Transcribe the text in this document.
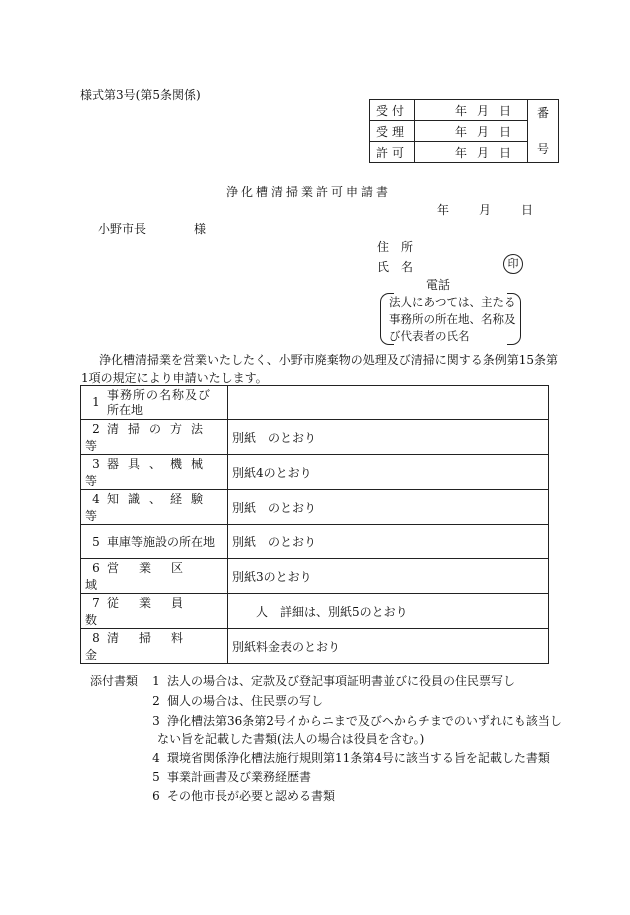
様式第3号(第5条関係)
受付	年月日	番
号

受理	年月日	
許可	年月日	
浄化槽清掃業許可申請書
年　　月　　日
小野市長　　　　様
住　所
氏　名	印
電話
法人にあつては、主たる
事務所の所在地、名称及
び代表者の氏名
浄化槽清掃業を営業いたしたく、小野市廃棄物の処理及び清掃に関する条例第15条第
1項の規定により申請いたします。
1事務所の名称及び
所在地	
2 清掃の方法等	別紙　のとおり
3 器具、機械等	別紙4のとおり
4 知識、経験等	別紙　のとおり
5 車庫等施設の所在地	別紙　のとおり
6 営業区域	別紙3のとおり
7 従業員数	　　人　詳細は、別紙5のとおり
8 清掃料金	別紙料金表のとおり
添付書類	1 法人の場合は、定款及び登記事項証明書並びに役員の住民票写し
2 個人の場合は、住民票の写し
3 浄化槽法第36条第2号イからニまで及びヘからチまでのいずれにも該当し
ない旨を記載した書類(法人の場合は役員を含む。)
4 環境省関係浄化槽法施行規則第11条第4号に該当する旨を記載した書類
5 事業計画書及び業務経歴書
6 その他市長が必要と認める書類
